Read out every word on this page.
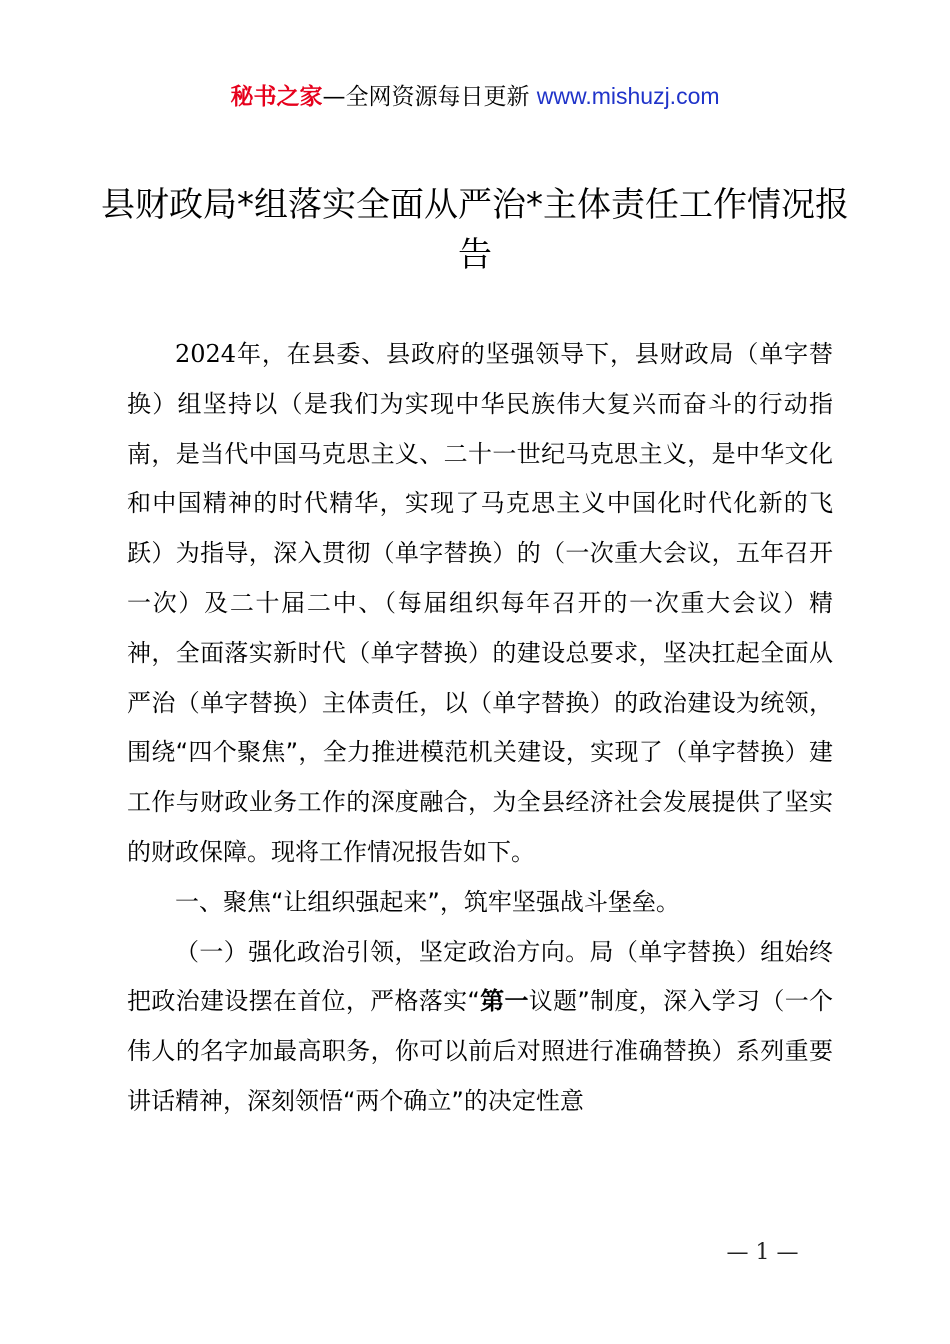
秘书之家—全网资源每日更新 www.mishuzj.com
县财政局*组落实全面从严治*主体责任工作情况报告

2024年，在县委、县政府的坚强领导下，县财政局（单字替换）组坚持以（是我们为实现中华民族伟大复兴而奋斗的行动指南，是当代中国马克思主义、二十一世纪马克思主义，是中华文化和中国精神的时代精华，实现了马克思主义中国化时代化新的飞跃）为指导，深入贯彻（单字替换）的（一次重大会议，五年召开一次）及二十届二中、（每届组织每年召开的一次重大会议）精神，全面落实新时代（单字替换）的建设总要求，坚决扛起全面从严治（单字替换）主体责任，以（单字替换）的政治建设为统领，围绕“四个聚焦”，全力推进模范机关建设，实现了（单字替换）建工作与财政业务工作的深度融合，为全县经济社会发展提供了坚实的财政保障。现将工作情况报告如下。

一、聚焦“让组织强起来”，筑牢坚强战斗堡垒。

（一）强化政治引领，坚定政治方向。局（单字替换）组始终把政治建设摆在首位，严格落实“第一议题”制度，深入学习（一个伟人的名字加最高职务，你可以前后对照进行准确替换）系列重要讲话精神，深刻领悟“两个确立”的决定性意

— 1 —
